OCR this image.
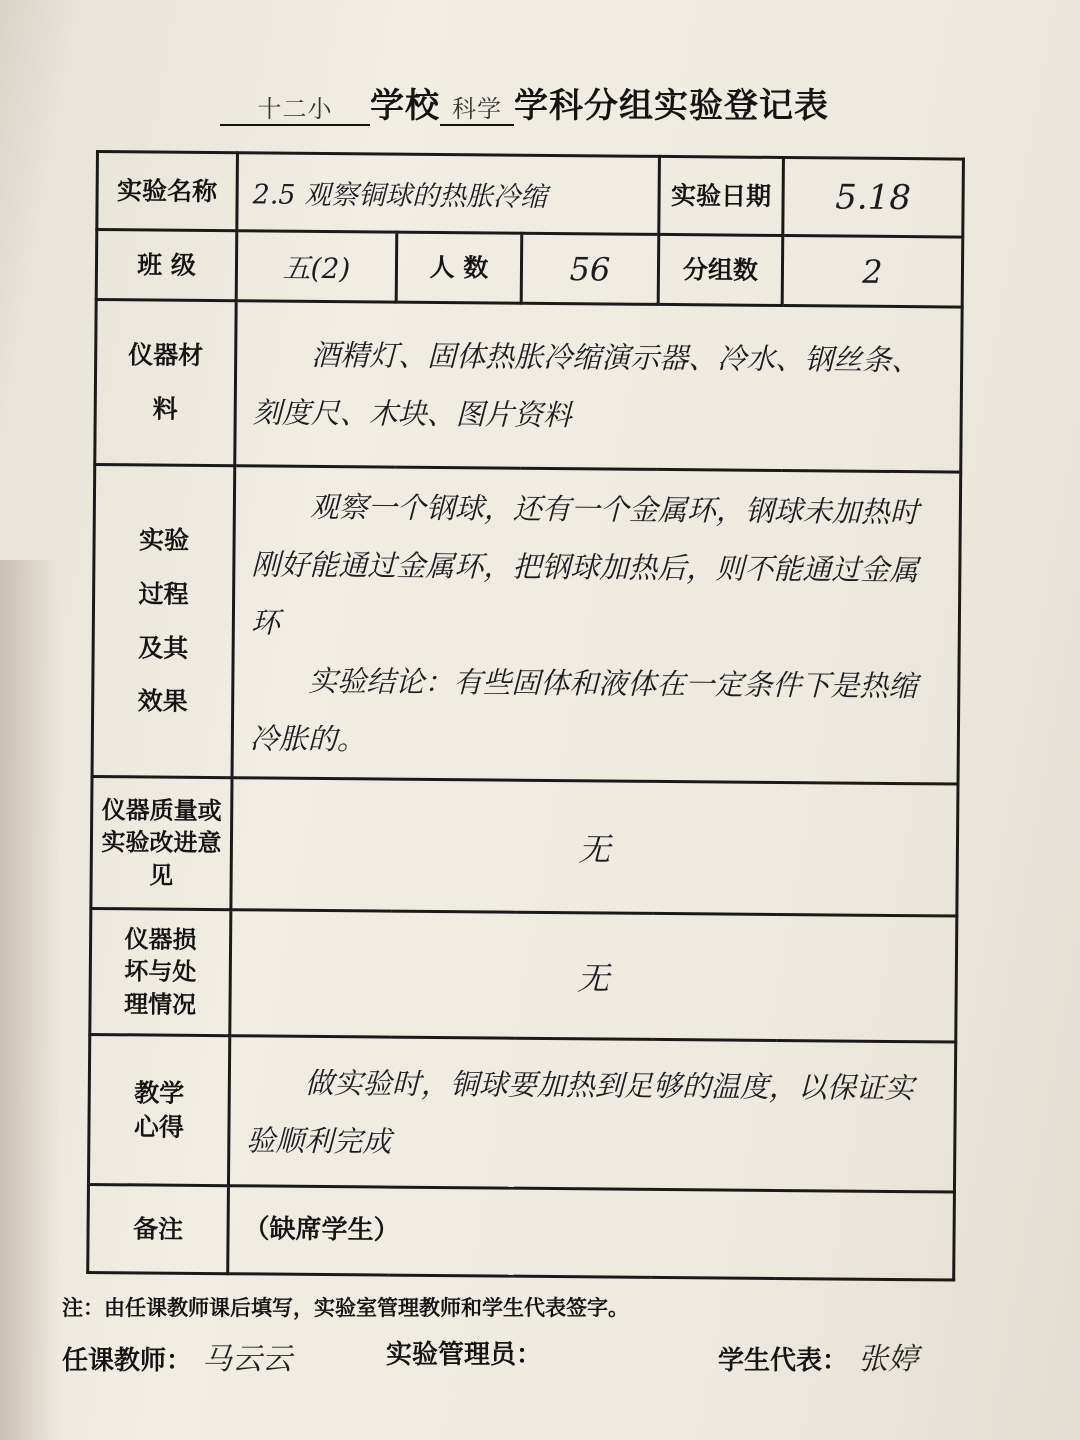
十二小 学校 科学 学科分组实验登记表
实验名称	2.5 观察铜球的热胀冷缩			实验日期	5.18
班 级	五(2)	人 数	56	分组数	2
仪器材料	酒精灯、固体热胀冷缩演示器、冷水、钢丝条、刻度尺、木块、图片资料				

实验过程及其效果	观察一个钢球，还有一个金属环，钢球未加热时刚好能通过金属环，把钢球加热后，则不能通过金属环

实验结论：有些固体和液体在一定条件下是热缩冷胀的。				

仪器质量或实验改进意见	无				
仪器损坏与处理情况	无				
教学心得	做实验时，铜球要加热到足够的温度，以保证实验顺利完成				

备注	（缺席学生）				
注：由任课教师课后填写，实验室管理教师和学生代表签字。
任课教师： 马云云	实验管理员：	学生代表： 张婷
